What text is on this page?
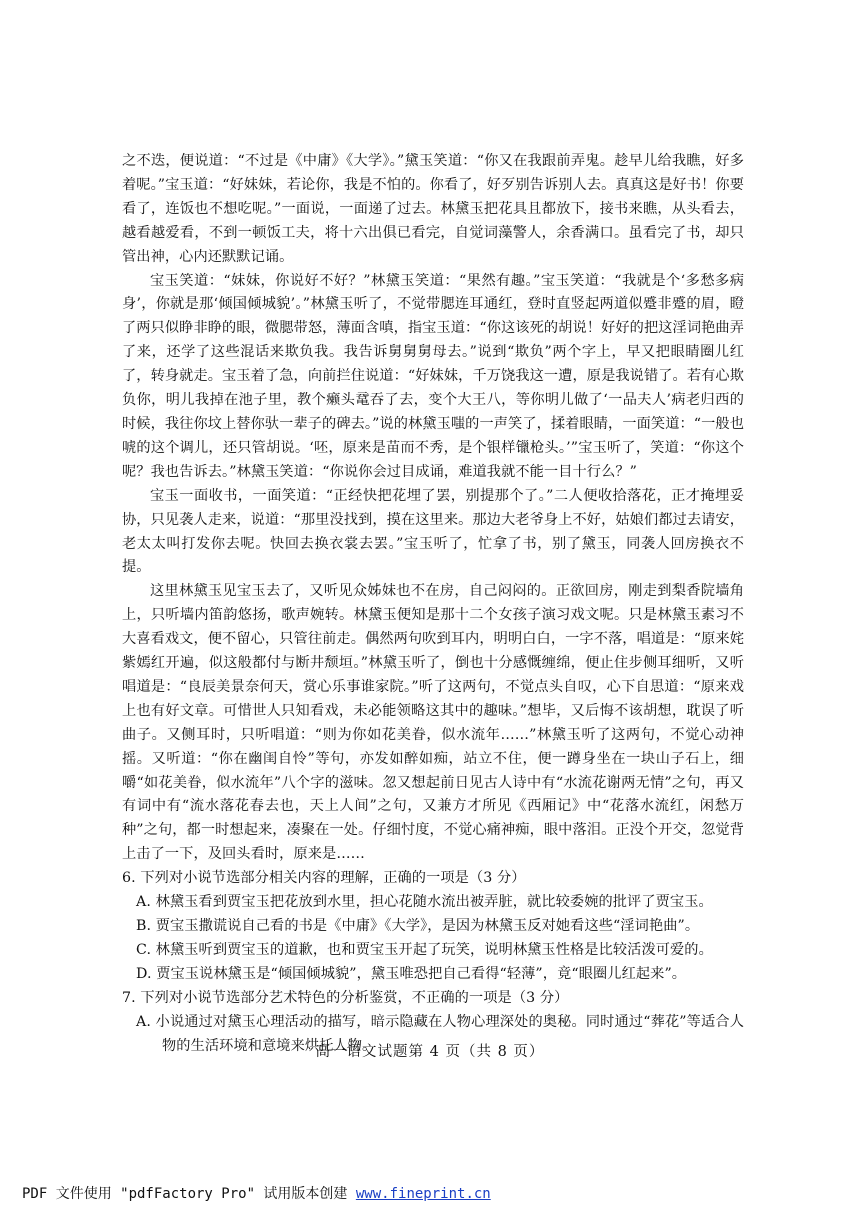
之不迭，便说道：“不过是《中庸》《大学》。”黛玉笑道：“你又在我跟前弄鬼。趁早儿给我瞧，好多着呢。”宝玉道：“好妹妹，若论你，我是不怕的。你看了，好歹别告诉别人去。真真这是好书！你要看了，连饭也不想吃呢。”一面说，一面递了过去。林黛玉把花具且都放下，接书来瞧，从头看去，越看越爱看，不到一顿饭工夫，将十六出俱已看完，自觉词藻警人，余香满口。虽看完了书，却只管出神，心内还默默记诵。

宝玉笑道：“妹妹，你说好不好？”林黛玉笑道：“果然有趣。”宝玉笑道：“我就是个‘多愁多病身’，你就是那‘倾国倾城貌’。”林黛玉听了，不觉带腮连耳通红，登时直竖起两道似蹙非蹙的眉，瞪了两只似睁非睁的眼，微腮带怒，薄面含嗔，指宝玉道：“你这该死的胡说！好好的把这淫词艳曲弄了来，还学了这些混话来欺负我。我告诉舅舅舅母去。”说到“欺负”两个字上，早又把眼睛圈儿红了，转身就走。宝玉着了急，向前拦住说道：“好妹妹，千万饶我这一遭，原是我说错了。若有心欺负你，明儿我掉在池子里，教个癞头鼋吞了去，变个大王八，等你明儿做了‘一品夫人’病老归西的时候，我往你坟上替你驮一辈子的碑去。”说的林黛玉嗤的一声笑了，揉着眼睛，一面笑道：“一般也唬的这个调儿，还只管胡说。‘呸，原来是苗而不秀，是个银样镴枪头。’”宝玉听了，笑道：“你这个呢？我也告诉去。”林黛玉笑道：“你说你会过目成诵，难道我就不能一目十行么？”

宝玉一面收书，一面笑道：“正经快把花埋了罢，别提那个了。”二人便收拾落花，正才掩埋妥协，只见袭人走来，说道：“那里没找到，摸在这里来。那边大老爷身上不好，姑娘们都过去请安，老太太叫打发你去呢。快回去换衣裳去罢。”宝玉听了，忙拿了书，别了黛玉，同袭人回房换衣不提。

这里林黛玉见宝玉去了，又听见众姊妹也不在房，自己闷闷的。正欲回房，刚走到梨香院墙角上，只听墙内笛韵悠扬，歌声婉转。林黛玉便知是那十二个女孩子演习戏文呢。只是林黛玉素习不大喜看戏文，便不留心，只管往前走。偶然两句吹到耳内，明明白白，一字不落，唱道是：“原来姹紫嫣红开遍，似这般都付与断井颓垣。”林黛玉听了，倒也十分感慨缠绵，便止住步侧耳细听，又听唱道是：“良辰美景奈何天，赏心乐事谁家院。”听了这两句，不觉点头自叹，心下自思道：“原来戏上也有好文章。可惜世人只知看戏，未必能领略这其中的趣味。”想毕，又后悔不该胡想，耽误了听曲子。又侧耳时，只听唱道：“则为你如花美眷，似水流年……”林黛玉听了这两句，不觉心动神摇。又听道：“你在幽闺自怜”等句，亦发如醉如痴，站立不住，便一蹲身坐在一块山子石上，细嚼“如花美眷，似水流年”八个字的滋味。忽又想起前日见古人诗中有“水流花谢两无情”之句，再又有词中有“流水落花春去也，天上人间”之句，又兼方才所见《西厢记》中“花落水流红，闲愁万种”之句，都一时想起来，凑聚在一处。仔细忖度，不觉心痛神痴，眼中落泪。正没个开交，忽觉背上击了一下，及回头看时，原来是……

6. 下列对小说节选部分相关内容的理解，正确的一项是（3 分）

A. 林黛玉看到贾宝玉把花放到水里，担心花随水流出被弄脏，就比较委婉的批评了贾宝玉。

B. 贾宝玉撒谎说自己看的书是《中庸》《大学》，是因为林黛玉反对她看这些“淫词艳曲”。

C. 林黛玉听到贾宝玉的道歉，也和贾宝玉开起了玩笑，说明林黛玉性格是比较活泼可爱的。

D. 贾宝玉说林黛玉是“倾国倾城貌”，黛玉唯恐把自己看得“轻薄”，竟“眼圈儿红起来”。

7. 下列对小说节选部分艺术特色的分析鉴赏，不正确的一项是（3 分）

A. 小说通过对黛玉心理活动的描写，暗示隐藏在人物心理深处的奥秘。同时通过“葬花”等适合人物的生活环境和意境来烘托人物。

高一语文试题第 4 页（共 8 页）
PDF 文件使用 "pdfFactory Pro" 试用版本创建 www.fineprint.cn
